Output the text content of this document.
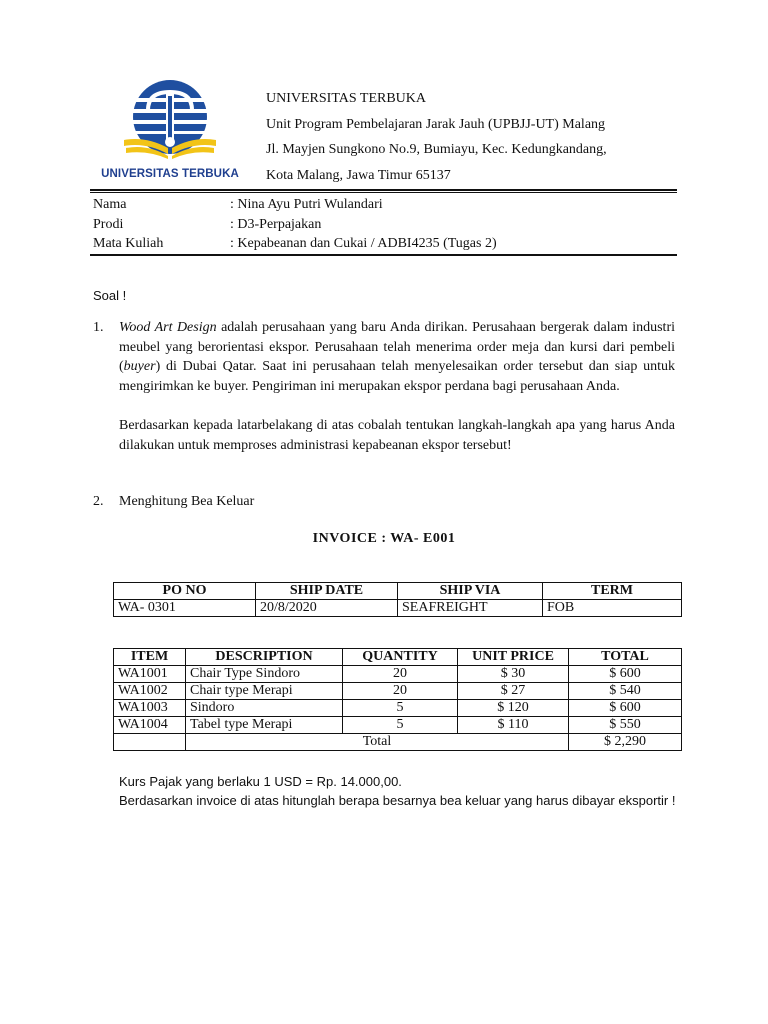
UNIVERSITAS TERBUKA
UNIVERSITAS TERBUKA
Unit Program Pembelajaran Jarak Jauh (UPBJJ-UT) Malang
Jl. Mayjen Sungkono No.9, Bumiayu, Kec. Kedungkandang,
Kota Malang, Jawa Timur 65137
Nama	: Nina Ayu Putri Wulandari
Prodi	: D3-Perpajakan
Mata Kuliah	: Kepabeanan dan Cukai / ADBI4235 (Tugas 2)
Soal !
1. Wood Art Design adalah perusahaan yang baru Anda dirikan. Perusahaan bergerak dalam industri meubel yang berorientasi ekspor. Perusahaan telah menerima order meja dan kursi dari pembeli (buyer) di Dubai Qatar. Saat ini perusahaan telah menyelesaikan order tersebut dan siap untuk mengirimkan ke buyer. Pengiriman ini merupakan ekspor perdana bagi perusahaan Anda.
Berdasarkan kepada latarbelakang di atas cobalah tentukan langkah-langkah apa yang harus Anda dilakukan untuk memproses administrasi kepabeanan ekspor tersebut!
2. Menghitung Bea Keluar
INVOICE : WA- E001
PO NO	SHIP DATE	SHIP VIA	TERM
WA- 0301	20/8/2020	SEAFREIGHT	FOB
ITEM	DESCRIPTION	QUANTITY	UNIT PRICE	TOTAL
WA1001	Chair Type Sindoro	20	$ 30	$ 600
WA1002	Chair type Merapi	20	$ 27	$ 540
WA1003	Sindoro	5	$ 120	$ 600
WA1004	Tabel type Merapi	5	$ 110	$ 550
	Total			$ 2,290
Kurs Pajak yang berlaku 1 USD = Rp. 14.000,00.
Berdasarkan invoice di atas hitunglah berapa besarnya bea keluar yang harus dibayar eksportir !
